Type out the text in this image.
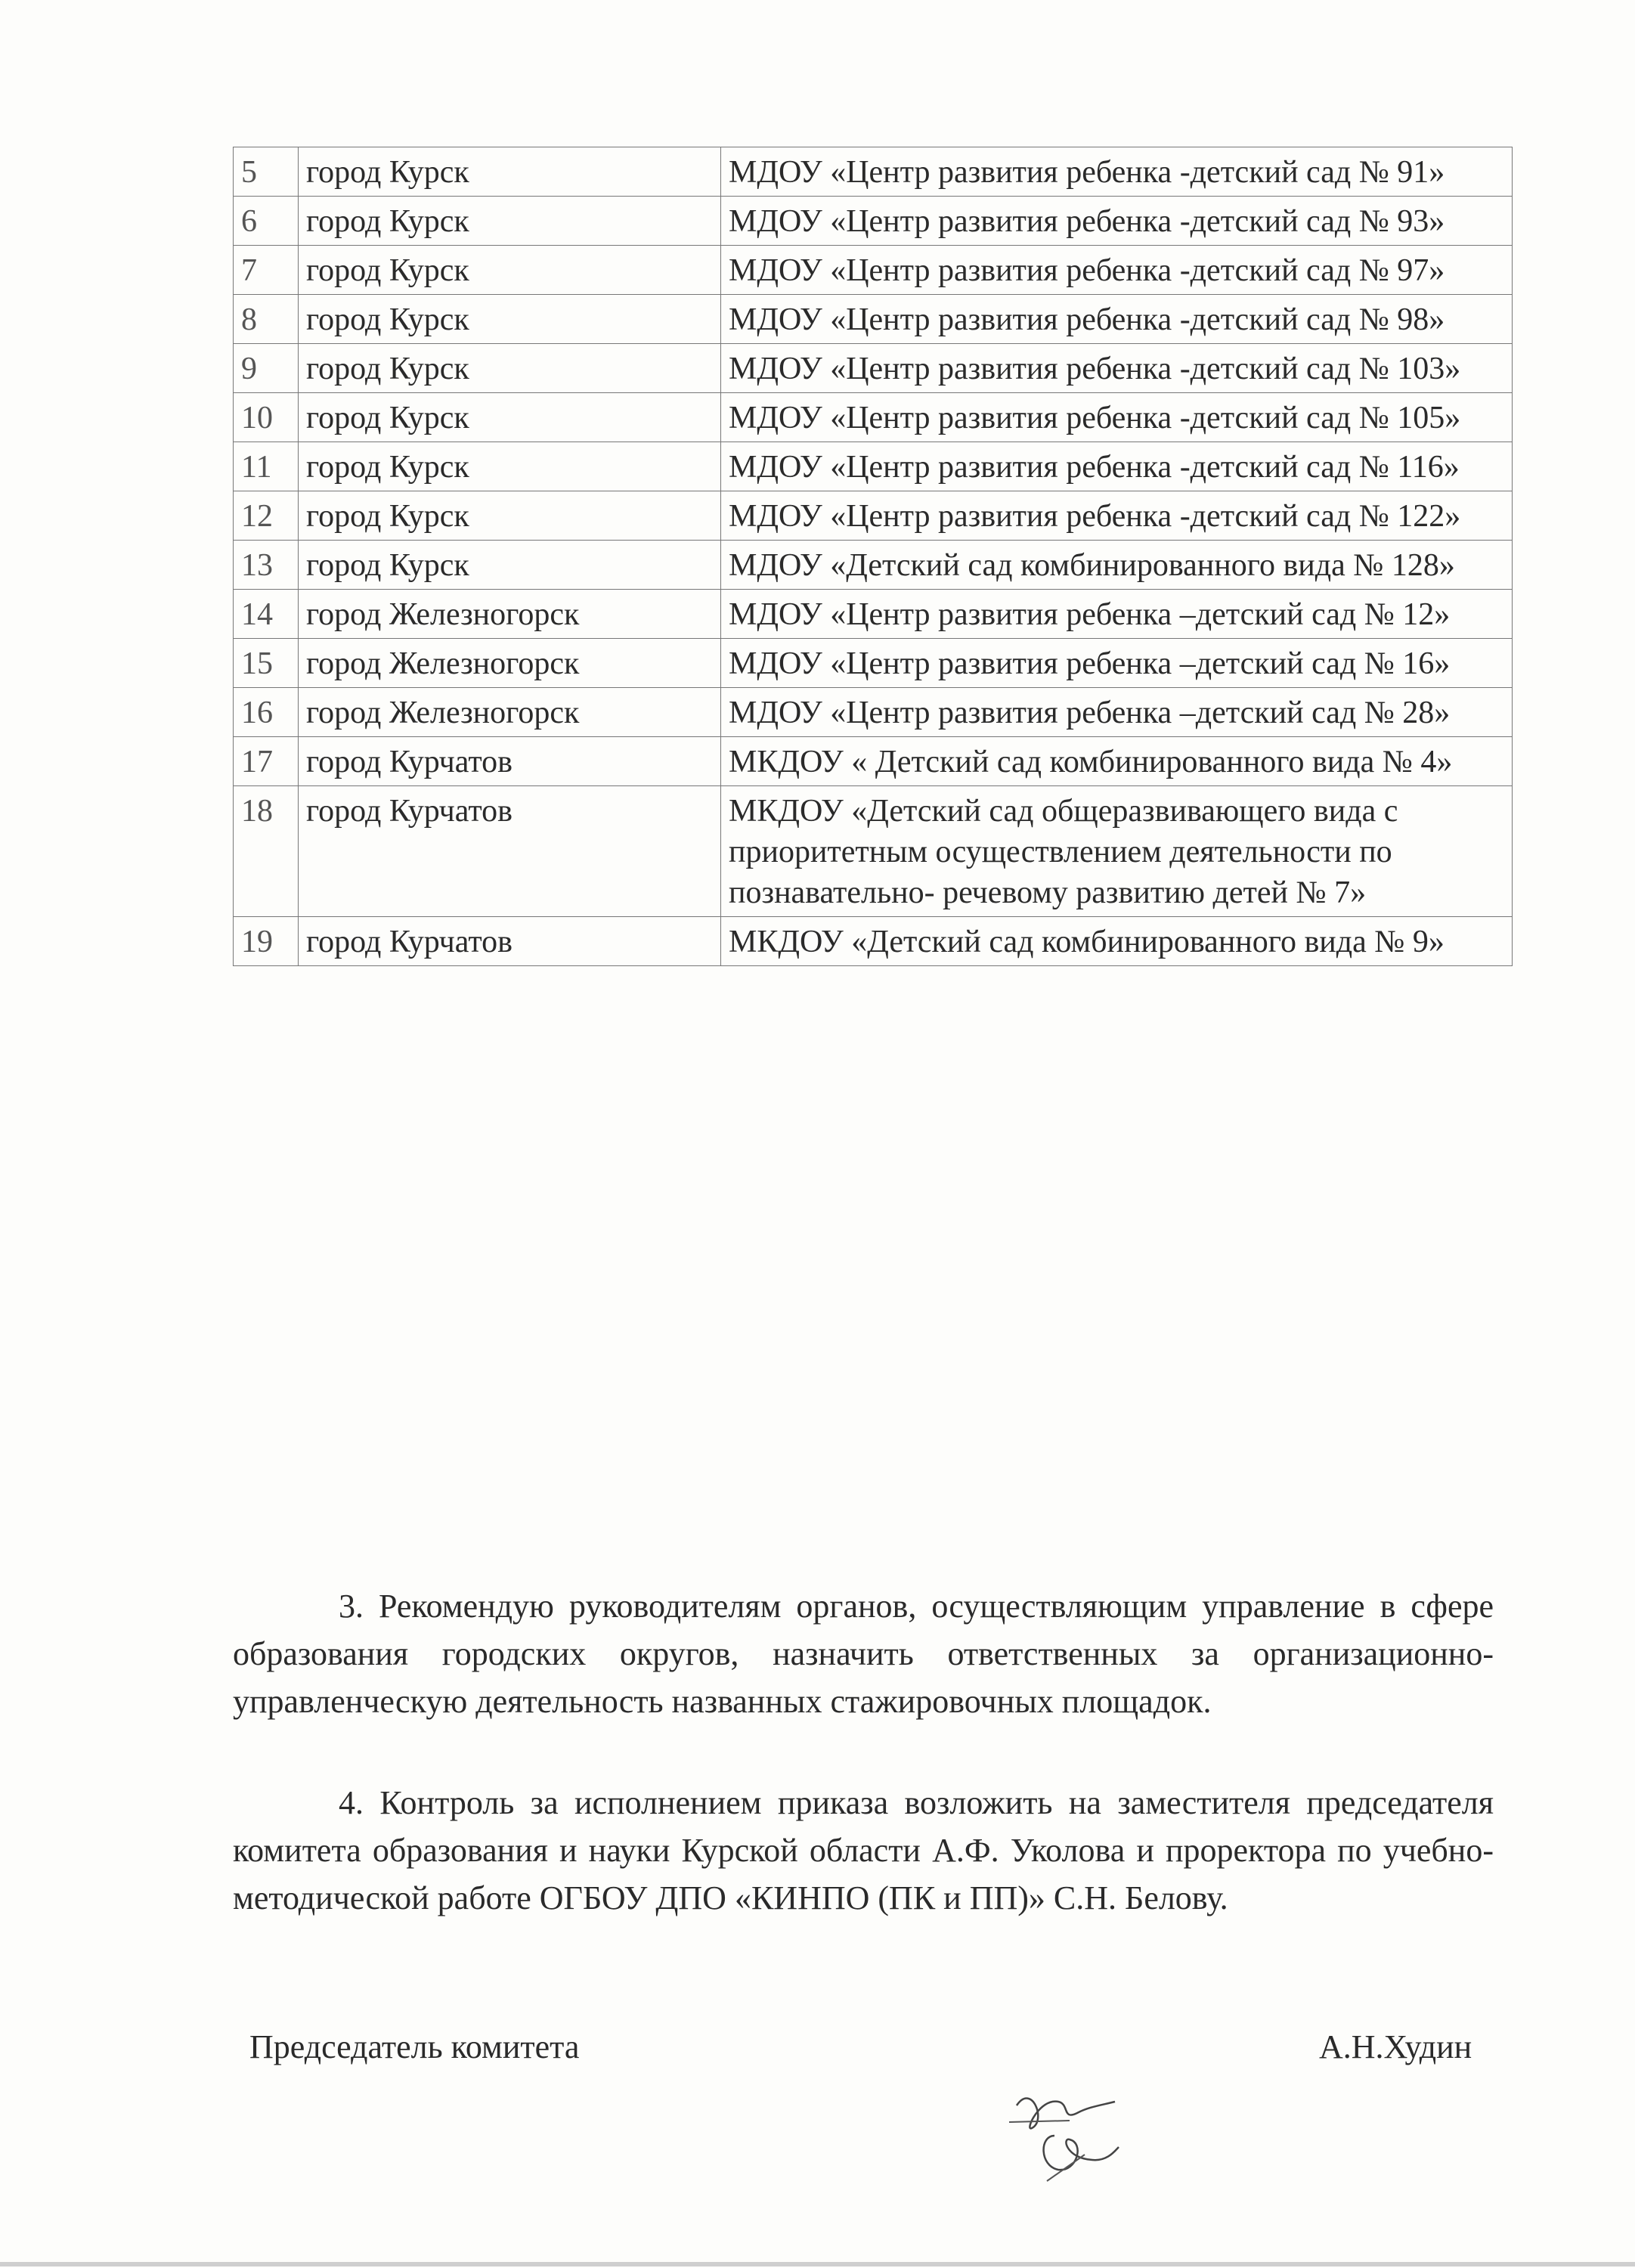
5	город Курск	МДОУ «Центр развития ребенка -детский сад № 91»
6	город Курск	МДОУ «Центр развития ребенка -детский сад № 93»
7	город Курск	МДОУ «Центр развития ребенка -детский сад № 97»
8	город Курск	МДОУ «Центр развития ребенка -детский сад № 98»
9	город Курск	МДОУ «Центр развития ребенка -детский сад № 103»
10	город Курск	МДОУ «Центр развития ребенка -детский сад № 105»
11	город Курск	МДОУ «Центр развития ребенка -детский сад № 116»
12	город Курск	МДОУ «Центр развития ребенка -детский сад № 122»
13	город Курск	МДОУ «Детский сад комбинированного вида № 128»
14	город Железногорск	МДОУ «Центр развития ребенка –детский сад № 12»
15	город Железногорск	МДОУ «Центр развития ребенка –детский сад № 16»
16	город Железногорск	МДОУ «Центр развития ребенка –детский сад № 28»
17	город Курчатов	МКДОУ « Детский сад комбинированного вида № 4»
18	город Курчатов	МКДОУ «Детский сад общеразвивающего вида с приоритетным осуществлением деятельности по познавательно- речевому развитию детей № 7»
19	город Курчатов	МКДОУ «Детский сад комбинированного вида № 9»

3. Рекомендую руководителям органов, осуществляющим управление в сфере образования городских округов, назначить ответственных за организационно-управленческую деятельность названных стажировочных площадок.

4. Контроль за исполнением приказа возложить на заместителя председателя комитета образования и науки Курской области А.Ф. Уколова и проректора по учебно-методической работе ОГБОУ ДПО «КИНПО (ПК и ПП)» С.Н. Белову.

Председатель комитета	А.Н.Худин
